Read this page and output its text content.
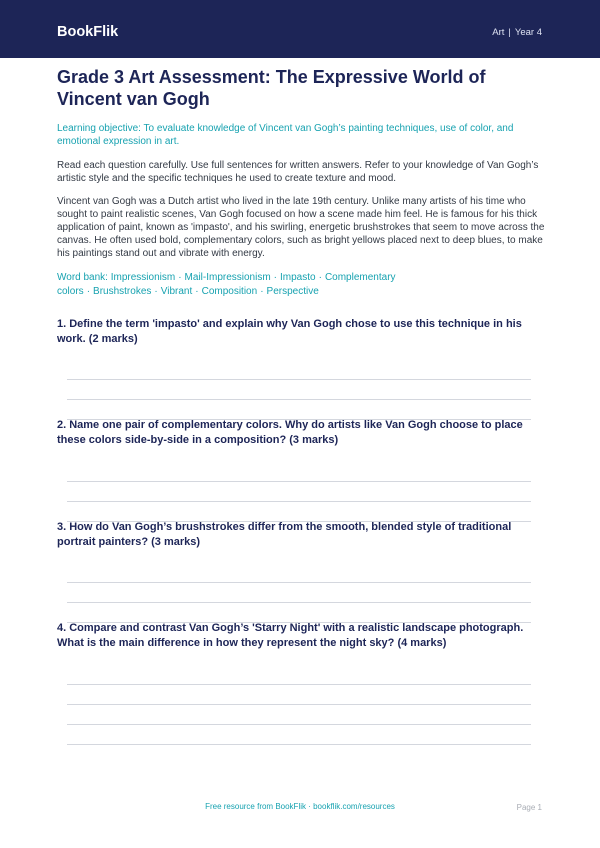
BookFlik	Art | Year 4
Grade 3 Art Assessment: The Expressive World of Vincent van Gogh

Learning objective: To evaluate knowledge of Vincent van Gogh’s painting techniques, use of color, and emotional expression in art.

Read each question carefully. Use full sentences for written answers. Refer to your knowledge of Van Gogh’s artistic style and the specific techniques he used to create texture and mood.

Vincent van Gogh was a Dutch artist who lived in the late 19th century. Unlike many artists of his time who sought to paint realistic scenes, Van Gogh focused on how a scene made him feel. He is famous for his thick application of paint, known as 'impasto', and his swirling, energetic brushstrokes that seem to move across the canvas. He often used bold, complementary colors, such as bright yellows placed next to deep blues, to make his paintings stand out and vibrate with energy.

Word bank: Impressionism · Mail-Impressionism · Impasto · Complementary colors · Brushstrokes · Vibrant · Composition · Perspective

1. Define the term 'impasto' and explain why Van Gogh chose to use this technique in his work. (2 marks)

2. Name one pair of complementary colors. Why do artists like Van Gogh choose to place these colors side-by-side in a composition? (3 marks)

3. How do Van Gogh’s brushstrokes differ from the smooth, blended style of traditional portrait painters? (3 marks)

4. Compare and contrast Van Gogh’s 'Starry Night' with a realistic landscape photograph. What is the main difference in how they represent the night sky? (4 marks)

Free resource from BookFlik · bookflik.com/resources	Page 1
